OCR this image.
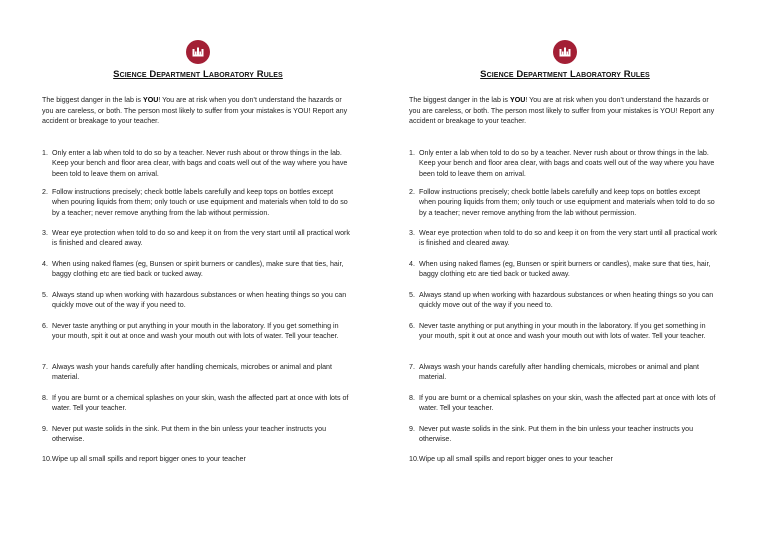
Science Department Laboratory Rules

The biggest danger in the lab is YOU! You are at risk when you don’t understand the hazards or you are careless, or both. The person most likely to suffer from your mistakes is YOU! Report any accident or breakage to your teacher.

1. Only enter a lab when told to do so by a teacher. Never rush about or throw things in the lab. Keep your bench and floor area clear, with bags and coats well out of the way where you have been told to leave them on arrival.
2. Follow instructions precisely; check bottle labels carefully and keep tops on bottles except when pouring liquids from them; only touch or use equipment and materials when told to do so by a teacher; never remove anything from the lab without permission.
3. Wear eye protection when told to do so and keep it on from the very start until all practical work is finished and cleared away.
4. When using naked flames (eg, Bunsen or spirit burners or candles), make sure that ties, hair, baggy clothing etc are tied back or tucked away.
5. Always stand up when working with hazardous substances or when heating things so you can quickly move out of the way if you need to.
6. Never taste anything or put anything in your mouth in the laboratory. If you get something in your mouth, spit it out at once and wash your mouth out with lots of water. Tell your teacher.
7. Always wash your hands carefully after handling chemicals, microbes or animal and plant material.
8. If you are burnt or a chemical splashes on your skin, wash the affected part at once with lots of water. Tell your teacher.
9. Never put waste solids in the sink. Put them in the bin unless your teacher instructs you otherwise.
10.Wipe up all small spills and report bigger ones to your teacher
Science Department Laboratory Rules

The biggest danger in the lab is YOU! You are at risk when you don’t understand the hazards or you are careless, or both. The person most likely to suffer from your mistakes is YOU! Report any accident or breakage to your teacher.

1. Only enter a lab when told to do so by a teacher. Never rush about or throw things in the lab. Keep your bench and floor area clear, with bags and coats well out of the way where you have been told to leave them on arrival.
2. Follow instructions precisely; check bottle labels carefully and keep tops on bottles except when pouring liquids from them; only touch or use equipment and materials when told to do so by a teacher; never remove anything from the lab without permission.
3. Wear eye protection when told to do so and keep it on from the very start until all practical work is finished and cleared away.
4. When using naked flames (eg, Bunsen or spirit burners or candles), make sure that ties, hair, baggy clothing etc are tied back or tucked away.
5. Always stand up when working with hazardous substances or when heating things so you can quickly move out of the way if you need to.
6. Never taste anything or put anything in your mouth in the laboratory. If you get something in your mouth, spit it out at once and wash your mouth out with lots of water. Tell your teacher.
7. Always wash your hands carefully after handling chemicals, microbes or animal and plant material.
8. If you are burnt or a chemical splashes on your skin, wash the affected part at once with lots of water. Tell your teacher.
9. Never put waste solids in the sink. Put them in the bin unless your teacher instructs you otherwise.
10.Wipe up all small spills and report bigger ones to your teacher
